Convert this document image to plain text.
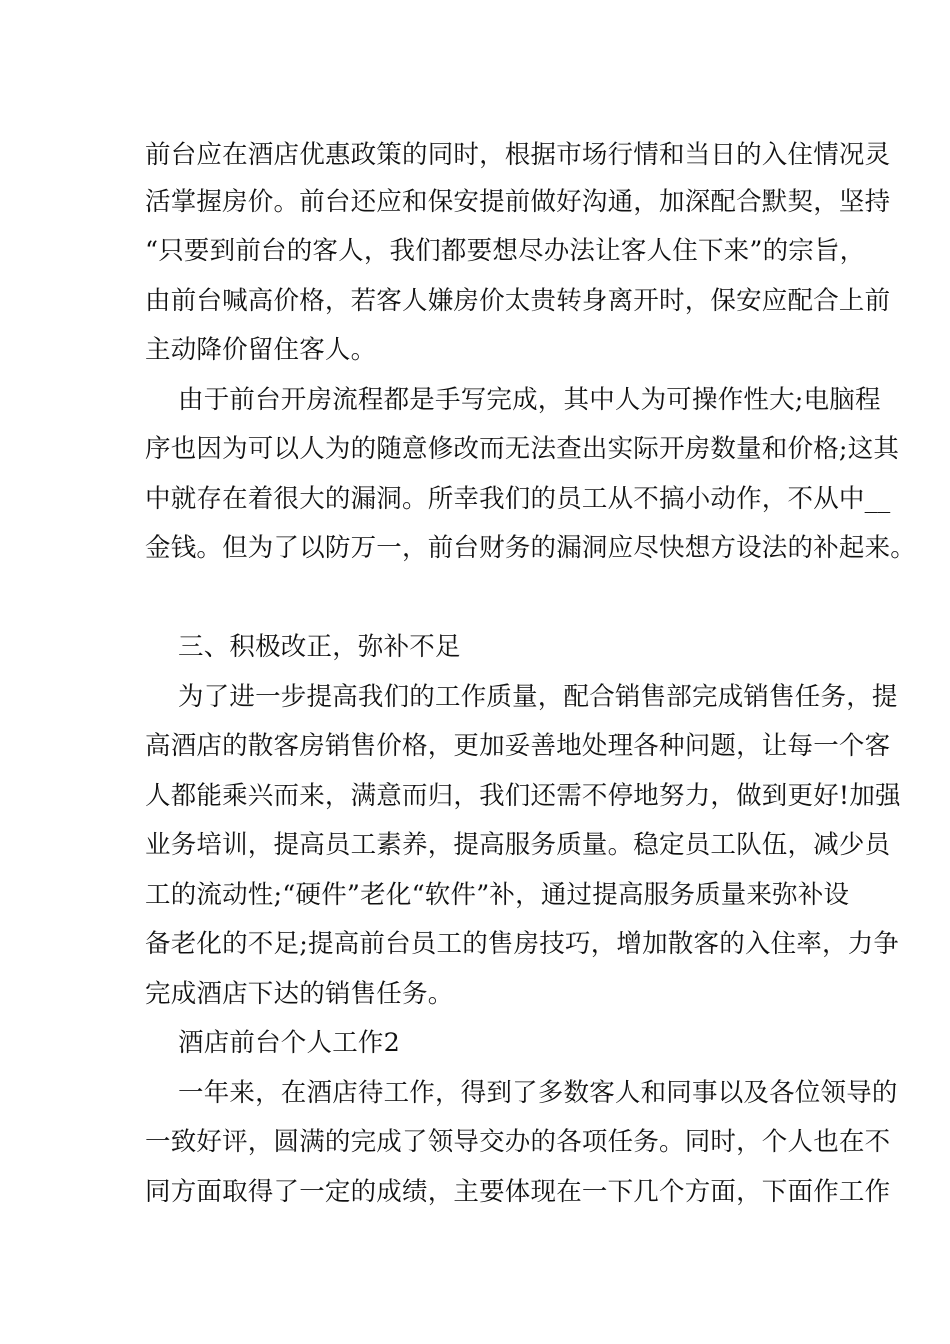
前台应在酒店优惠政策的同时，根据市场行情和当日的入住情况灵
活掌握房价。前台还应和保安提前做好沟通，加深配合默契，坚持
“只要到前台的客人，我们都要想尽办法让客人住下来”的宗旨，
由前台喊高价格，若客人嫌房价太贵转身离开时，保安应配合上前
主动降价留住客人。
由于前台开房流程都是手写完成，其中人为可操作性大;电脑程
序也因为可以人为的随意修改而无法查出实际开房数量和价格;这其
中就存在着很大的漏洞。所幸我们的员工从不搞小动作，不从中__
金钱。但为了以防万一，前台财务的漏洞应尽快想方设法的补起来。
三、积极改正，弥补不足
为了进一步提高我们的工作质量，配合销售部完成销售任务，提
高酒店的散客房销售价格，更加妥善地处理各种问题，让每一个客
人都能乘兴而来，满意而归，我们还需不停地努力，做到更好!加强
业务培训，提高员工素养，提高服务质量。稳定员工队伍，减少员
工的流动性;“硬件”老化“软件”补，通过提高服务质量来弥补设
备老化的不足;提高前台员工的售房技巧，增加散客的入住率，力争
完成酒店下达的销售任务。
酒店前台个人工作2
一年来，在酒店待工作，得到了多数客人和同事以及各位领导的
一致好评，圆满的完成了领导交办的各项任务。同时，个人也在不
同方面取得了一定的成绩，主要体现在一下几个方面，下面作工作
